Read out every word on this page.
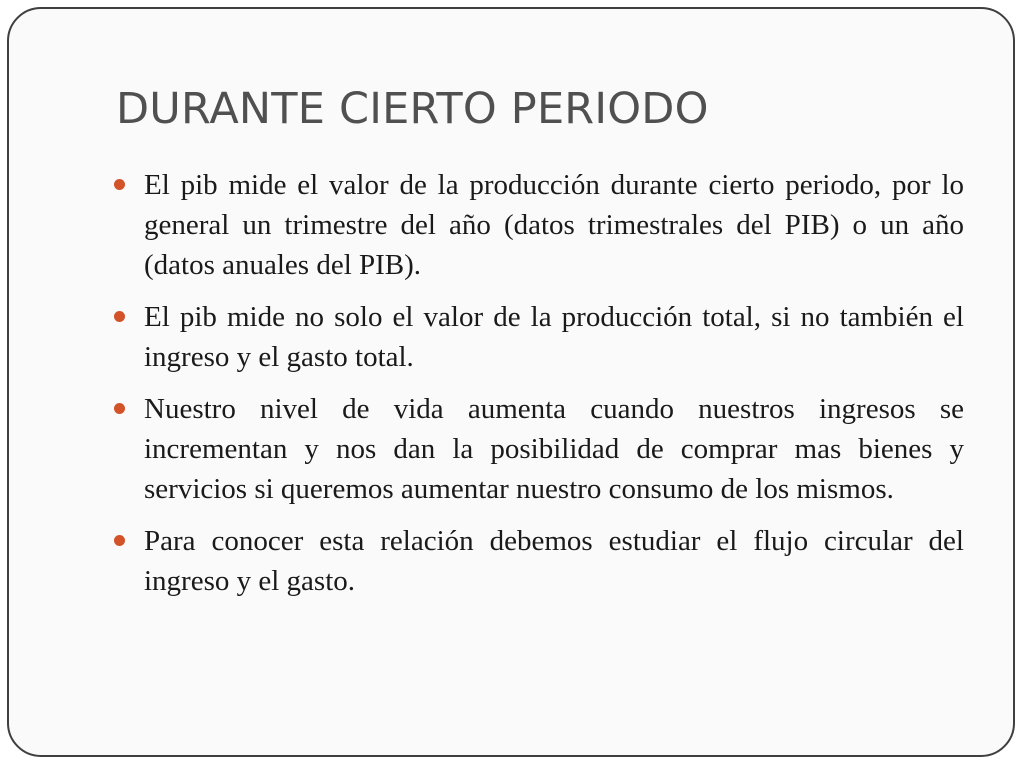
DURANTE CIERTO PERIODO
El pib mide el valor de la producción durante cierto periodo, por lo general un trimestre del año (datos trimestrales del PIB) o un año (datos anuales del PIB).
El pib mide no solo el valor de la producción total, si no también el ingreso y el gasto total.
Nuestro nivel de vida aumenta cuando nuestros ingresos se incrementan y nos dan la posibilidad de comprar mas bienes y servicios si queremos aumentar nuestro consumo de los mismos.
Para conocer esta relación debemos estudiar el flujo circular del ingreso y el gasto.
